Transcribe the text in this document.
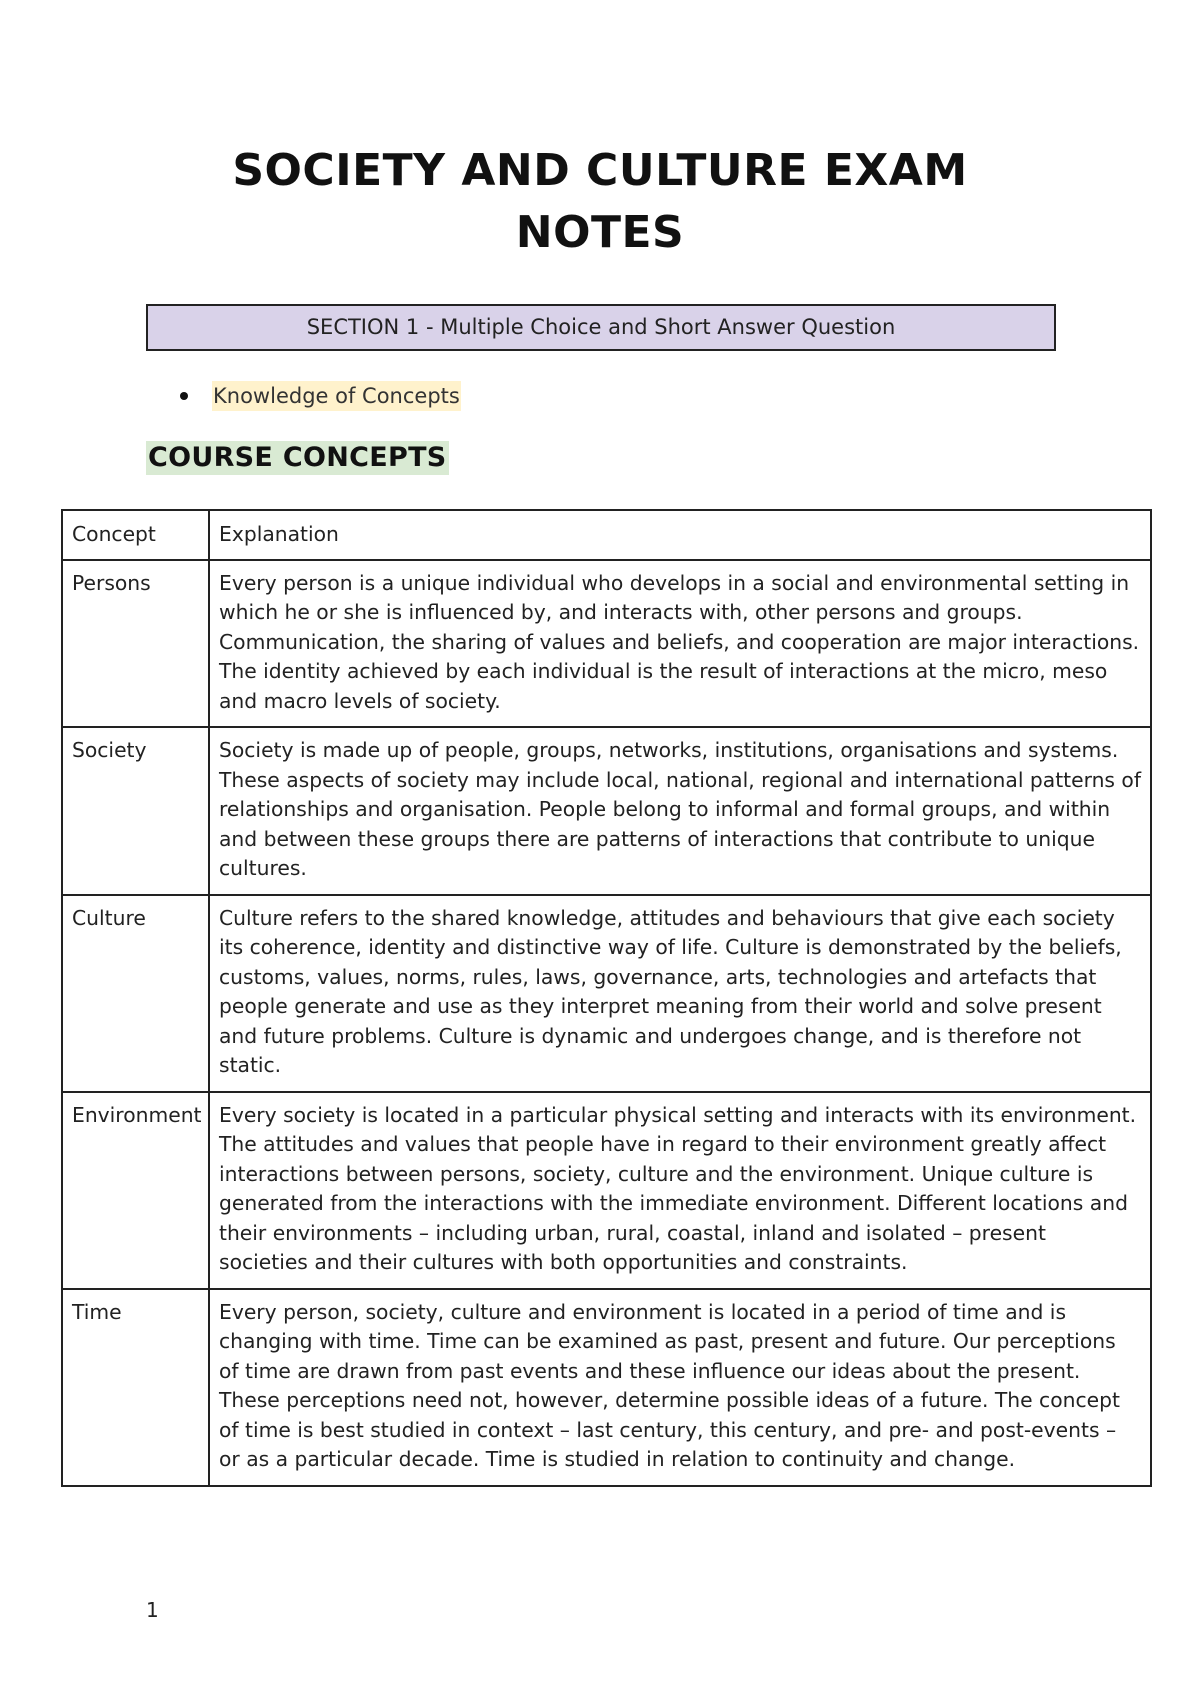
SOCIETY AND CULTURE EXAM
NOTES
SECTION 1 - Multiple Choice and Short Answer Question
Knowledge of Concepts
COURSE CONCEPTS
Concept	Explanation
Persons	Every person is a unique individual who develops in a social and environmental setting in which he or she is influenced by, and interacts with, other persons and groups. Communication, the sharing of values and beliefs, and cooperation are major interactions. The identity achieved by each individual is the result of interactions at the micro, meso and macro levels of society.
Society	Society is made up of people, groups, networks, institutions, organisations and systems. These aspects of society may include local, national, regional and international patterns of relationships and organisation. People belong to informal and formal groups, and within and between these groups there are patterns of interactions that contribute to unique cultures.
Culture	Culture refers to the shared knowledge, attitudes and behaviours that give each society its coherence, identity and distinctive way of life. Culture is demonstrated by the beliefs, customs, values, norms, rules, laws, governance, arts, technologies and artefacts that people generate and use as they interpret meaning from their world and solve present and future problems. Culture is dynamic and undergoes change, and is therefore not static.
Environment	Every society is located in a particular physical setting and interacts with its environment. The attitudes and values that people have in regard to their environment greatly affect interactions between persons, society, culture and the environment. Unique culture is generated from the interactions with the immediate environment. Different locations and their environments – including urban, rural, coastal, inland and isolated – present societies and their cultures with both opportunities and constraints.
Time	Every person, society, culture and environment is located in a period of time and is changing with time. Time can be examined as past, present and future. Our perceptions of time are drawn from past events and these influence our ideas about the present. These perceptions need not, however, determine possible ideas of a future. The concept of time is best studied in context – last century, this century, and pre- and post-events – or as a particular decade. Time is studied in relation to continuity and change.
1
